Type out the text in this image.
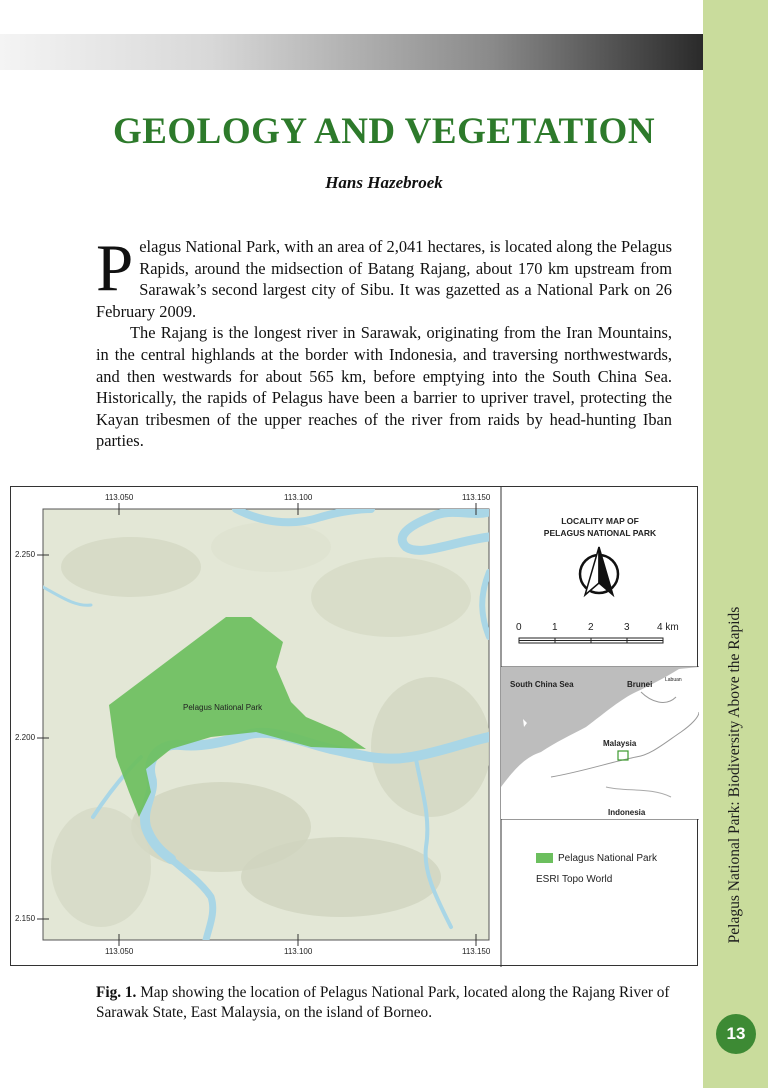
Pelagus National Park: Biodiversity Above the Rapids
13
GEOLOGY AND VEGETATION
Hans Hazebroek

Pelagus National Park, with an area of 2,041 hectares, is located along the Pelagus Rapids, around the midsection of Batang Rajang, about 170 km upstream from Sarawak’s second largest city of Sibu. It was gazetted as a National Park on 26 February 2009.

The Rajang is the longest river in Sarawak, originating from the Iran Mountains, in the central highlands at the border with Indonesia, and traversing northwestwards, and then westwards for about 565 km, before emptying into the South China Sea. Historically, the rapids of Pelagus have been a barrier to upriver travel, protecting the Kayan tribesmen of the upper reaches of the river from raids by head-hunting Iban parties.

113.050	113.100	113.150
113.050	113.100	113.150
2.250
2.200
2.150
Pelagus National Park
LOCALITY MAP OF
PELAGUS NATIONAL PARK
0	1	2	3	4 km
South China Sea	Brunei	Labuan
Malaysia
Indonesia
Pelagus National Park
ESRI Topo World
Fig. 1. Map showing the location of Pelagus National Park, located along the Rajang River of Sarawak State, East Malaysia, on the island of Borneo.
